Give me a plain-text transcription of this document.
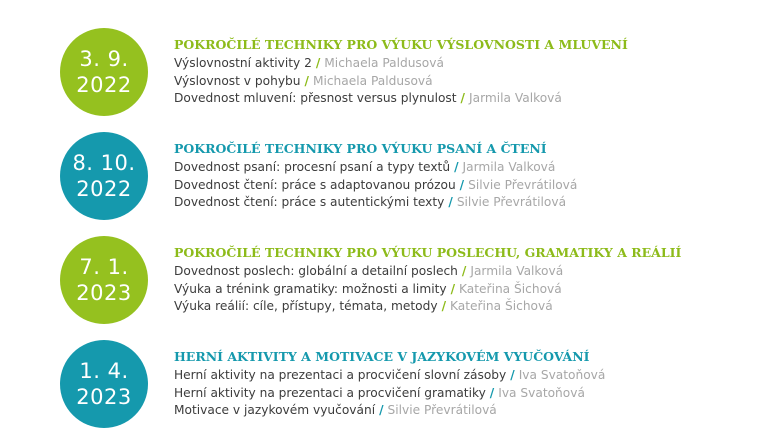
3. 9.
2022
POKROČILÉ TECHNIKY PRO VÝUKU VÝSLOVNOSTI A MLUVENÍ
Výslovnostní aktivity 2 / Michaela Paldusová
Výslovnost v pohybu / Michaela Paldusová
Dovednost mluvení: přesnost versus plynulost / Jarmila Valková
8. 10.
2022
POKROČILÉ TECHNIKY PRO VÝUKU PSANÍ A ČTENÍ
Dovednost psaní: procesní psaní a typy textů / Jarmila Valková
Dovednost čtení: práce s adaptovanou prózou / Silvie Převrátilová
Dovednost čtení: práce s autentickými texty / Silvie Převrátilová
7. 1.
2023
POKROČILÉ TECHNIKY PRO VÝUKU POSLECHU, GRAMATIKY A REÁLIÍ
Dovednost poslech: globální a detailní poslech / Jarmila Valková
Výuka a trénink gramatiky: možnosti a limity / Kateřina Šichová
Výuka reálií: cíle, přístupy, témata, metody / Kateřina Šichová
1. 4.
2023
HERNÍ AKTIVITY A MOTIVACE V JAZYKOVÉM VYUČOVÁNÍ
Herní aktivity na prezentaci a procvičení slovní zásoby / Iva Svatoňová
Herní aktivity na prezentaci a procvičení gramatiky / Iva Svatoňová
Motivace v jazykovém vyučování / Silvie Převrátilová
